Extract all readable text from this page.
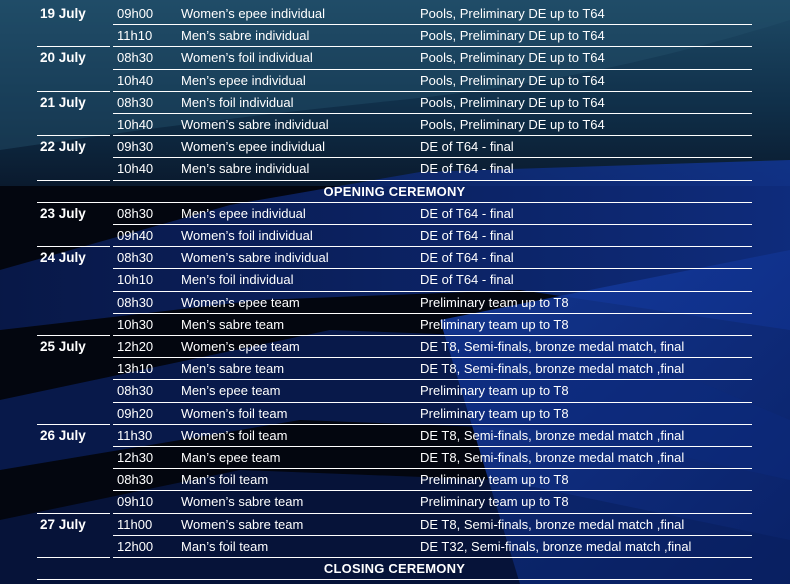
19 July	09h00	Women’s epee individual	Pools, Preliminary DE up to T64
11h10	Men’s sabre individual	Pools, Preliminary DE up to T64
20 July	08h30	Women’s foil individual	Pools, Preliminary DE up to T64
10h40	Men’s epee individual	Pools, Preliminary DE up to T64
21 July	08h30	Men’s foil individual	Pools, Preliminary DE up to T64
10h40	Women’s sabre individual	Pools, Preliminary DE up to T64
22 July	09h30	Women’s epee individual	DE of T64 - final
10h40	Men’s sabre individual	DE of T64 - final
OPENING CEREMONY
23 July	08h30	Men’s epee individual	DE of T64 - final
09h40	Women’s foil individual	DE of T64 - final
24 July	08h30	Women’s sabre individual	DE of T64 - final
10h10	Men’s foil individual	DE of T64 - final
08h30	Women’s epee team	Preliminary team up to T8
10h30	Men’s sabre team	Preliminary team up to T8
25 July	12h20	Women’s epee team	DE T8, Semi-finals, bronze medal match, final
13h10	Men’s sabre team	DE T8, Semi-finals, bronze medal match ,final
08h30	Men’s epee team	Preliminary team up to T8
09h20	Women’s foil team	Preliminary team up to T8
26 July	11h30	Women’s foil team	DE T8, Semi-finals, bronze medal match ,final
12h30	Man’s epee team	DE T8, Semi-finals, bronze medal match ,final
08h30	Man’s foil team	Preliminary team up to T8
09h10	Women’s sabre team	Preliminary team up to T8
27 July	11h00	Women’s sabre team	DE T8, Semi-finals, bronze medal match ,final
12h00	Man’s foil team	DE T32, Semi-finals, bronze medal match ,final
CLOSING CEREMONY
